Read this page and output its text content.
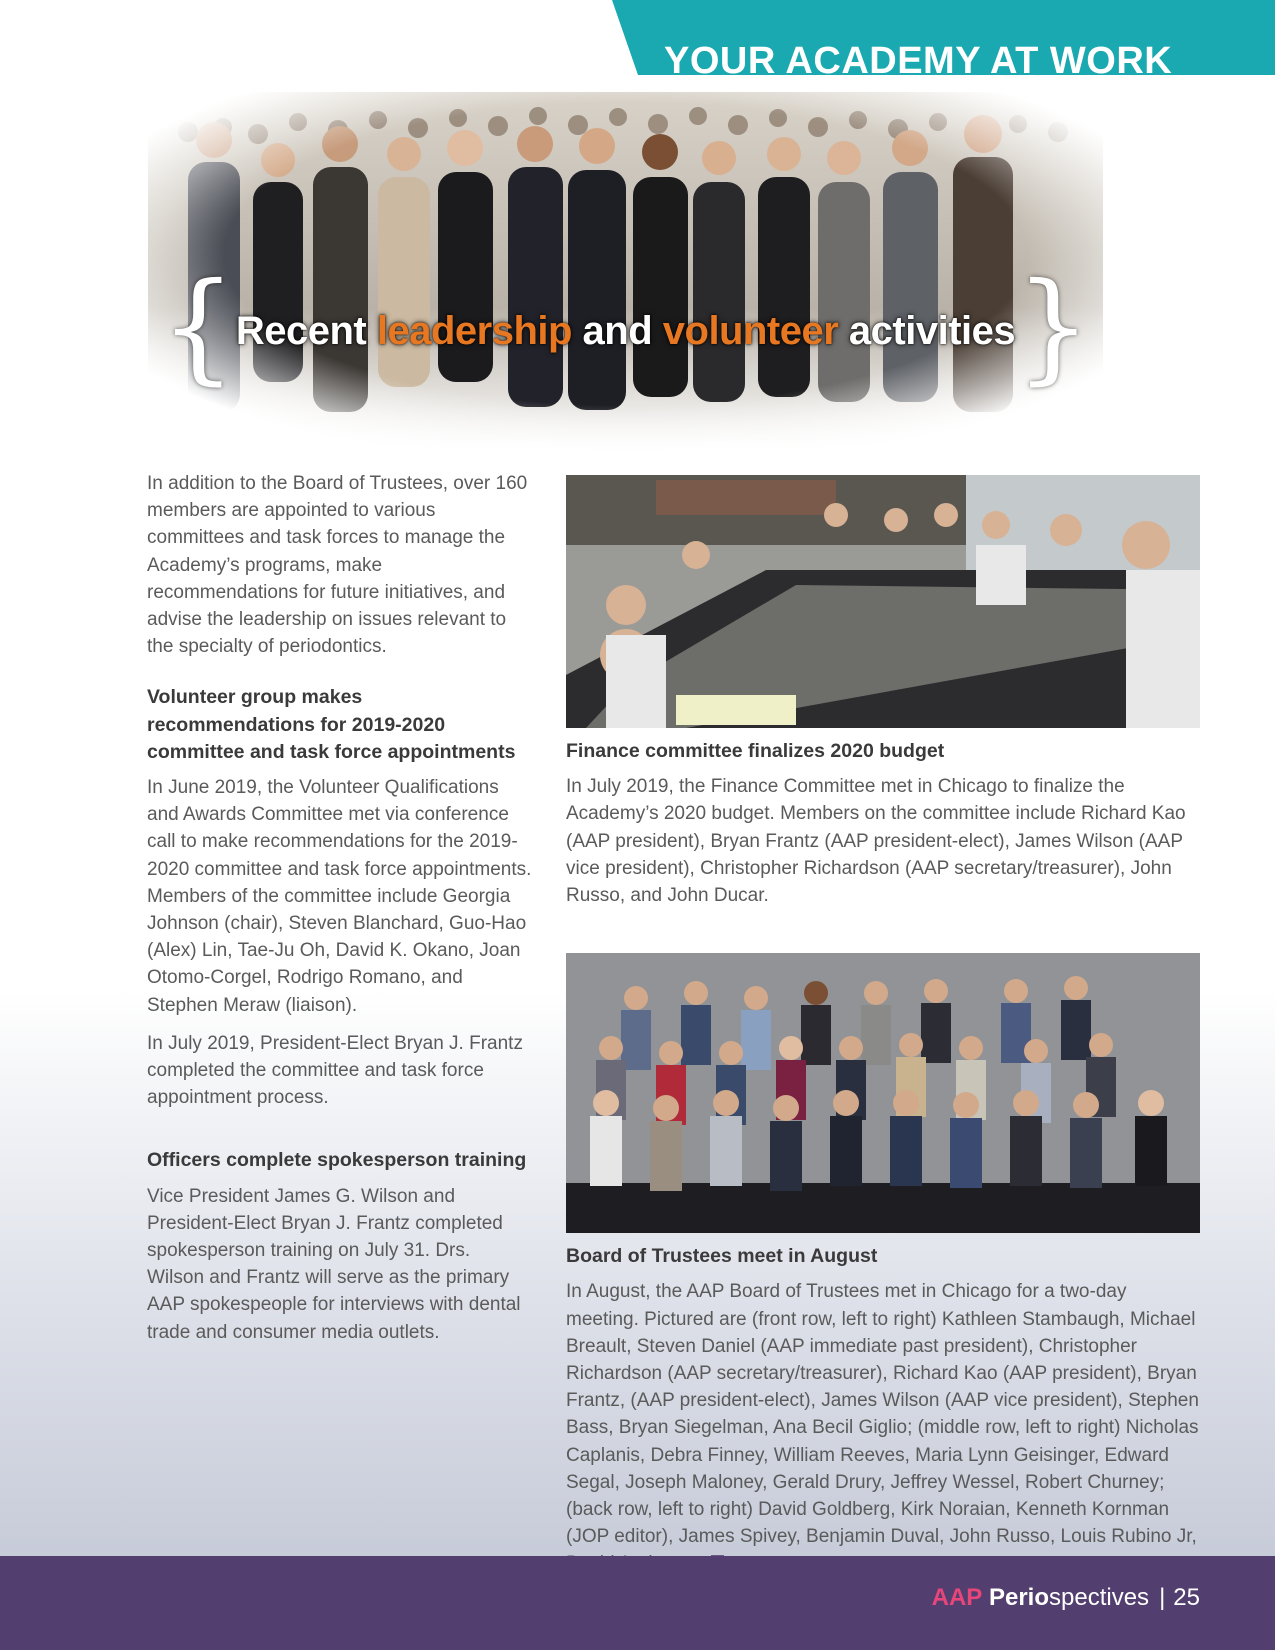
YOUR ACADEMY AT WORK
{Recent leadership and volunteer activities}

In addition to the Board of Trustees, over 160 members are appointed to various committees and task forces to manage the Academy’s programs, make recommendations for future initiatives, and advise the leadership on issues relevant to the specialty of periodontics.

Volunteer group makes recommendations for 2019-2020 committee and task force appointments

In June 2019, the Volunteer Qualifications and Awards Committee met via conference call to make recommendations for the 2019-2020 committee and task force appointments. Members of the committee include Georgia Johnson (chair), Steven Blanchard, Guo-Hao (Alex) Lin, Tae-Ju Oh, David K. Okano, Joan Otomo-Corgel, Rodrigo Romano, and Stephen Meraw (liaison).

In July 2019, President-Elect Bryan J. Frantz completed the committee and task force appointment process.

Officers complete spokesperson training

Vice President James G. Wilson and President-Elect Bryan J. Frantz completed spokesperson training on July 31. Drs. Wilson and Frantz will serve as the primary AAP spokespeople for interviews with dental trade and consumer media outlets.

Finance committee finalizes 2020 budget

In July 2019, the Finance Committee met in Chicago to finalize the Academy’s 2020 budget. Members on the committee include Richard Kao (AAP president), Bryan Frantz (AAP president-elect), James Wilson (AAP vice president), Christopher Richardson (AAP secretary/treasurer), John Russo, and John Ducar.

Board of Trustees meet in August

In August, the AAP Board of Trustees met in Chicago for a two-day meeting. Pictured are (front row, left to right) Kathleen Stambaugh, Michael Breault, Steven Daniel (AAP immediate past president), Christopher Richardson (AAP secretary/treasurer), Richard Kao (AAP president), Bryan Frantz, (AAP president-elect), James Wilson (AAP vice president), Stephen Bass, Bryan Siegelman, Ana Becil Giglio; (middle row, left to right) Nicholas Caplanis, Debra Finney, William Reeves, Maria Lynn Geisinger, Edward Segal, Joseph Maloney, Gerald Drury, Jeffrey Wessel, Robert Churney; (back row, left to right) David Goldberg, Kirk Noraian, Kenneth Kornman (JOP editor), James Spivey, Benjamin Duval, John Russo, Louis Rubino Jr,

AAP Periospectives | 25
